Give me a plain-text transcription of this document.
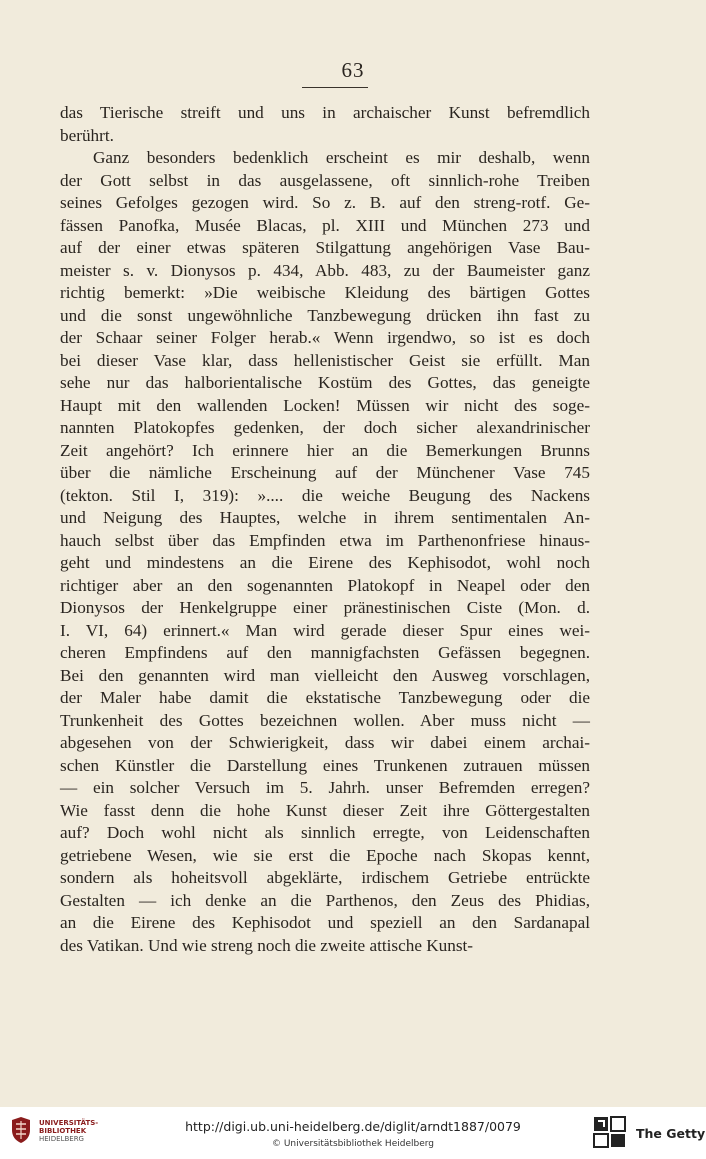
63
das Tierische streift und uns in archaischer Kunst befremdlich
berührt.
Ganz besonders bedenklich erscheint es mir deshalb, wenn
der Gott selbst in das ausgelassene, oft sinnlich-rohe Treiben
seines Gefolges gezogen wird. So z. B. auf den streng-rotf. Ge-
fässen Panofka, Musée Blacas, pl. XIII und München 273 und
auf der einer etwas späteren Stilgattung angehörigen Vase Bau-
meister s. v. Dionysos p. 434, Abb. 483, zu der Baumeister ganz
richtig bemerkt: »Die weibische Kleidung des bärtigen Gottes
und die sonst ungewöhnliche Tanzbewegung drücken ihn fast zu
der Schaar seiner Folger herab.« Wenn irgendwo, so ist es doch
bei dieser Vase klar, dass hellenistischer Geist sie erfüllt. Man
sehe nur das halborientalische Kostüm des Gottes, das geneigte
Haupt mit den wallenden Locken! Müssen wir nicht des soge-
nannten Platokopfes gedenken, der doch sicher alexandrinischer
Zeit angehört? Ich erinnere hier an die Bemerkungen Brunns
über die nämliche Erscheinung auf der Münchener Vase 745
(tekton. Stil I, 319): ».... die weiche Beugung des Nackens
und Neigung des Hauptes, welche in ihrem sentimentalen An-
hauch selbst über das Empfinden etwa im Parthenonfriese hinaus-
geht und mindestens an die Eirene des Kephisodot, wohl noch
richtiger aber an den sogenannten Platokopf in Neapel oder den
Dionysos der Henkelgruppe einer pränestinischen Ciste (Mon. d.
I. VI, 64) erinnert.« Man wird gerade dieser Spur eines wei-
cheren Empfindens auf den mannigfachsten Gefässen begegnen.
Bei den genannten wird man vielleicht den Ausweg vorschlagen,
der Maler habe damit die ekstatische Tanzbewegung oder die
Trunkenheit des Gottes bezeichnen wollen. Aber muss nicht —
abgesehen von der Schwierigkeit, dass wir dabei einem archai-
schen Künstler die Darstellung eines Trunkenen zutrauen müssen
— ein solcher Versuch im 5. Jahrh. unser Befremden erregen?
Wie fasst denn die hohe Kunst dieser Zeit ihre Göttergestalten
auf? Doch wohl nicht als sinnlich erregte, von Leidenschaften
getriebene Wesen, wie sie erst die Epoche nach Skopas kennt,
sondern als hoheitsvoll abgeklärte, irdischem Getriebe entrückte
Gestalten — ich denke an die Parthenos, den Zeus des Phidias,
an die Eirene des Kephisodot und speziell an den Sardanapal
des Vatikan. Und wie streng noch die zweite attische Kunst-
UNIVERSITÄTS-
BIBLIOTHEK
HEIDELBERG
http://digi.ub.uni-heidelberg.de/diglit/arndt1887/0079
© Universitätsbibliothek Heidelberg
The Getty
